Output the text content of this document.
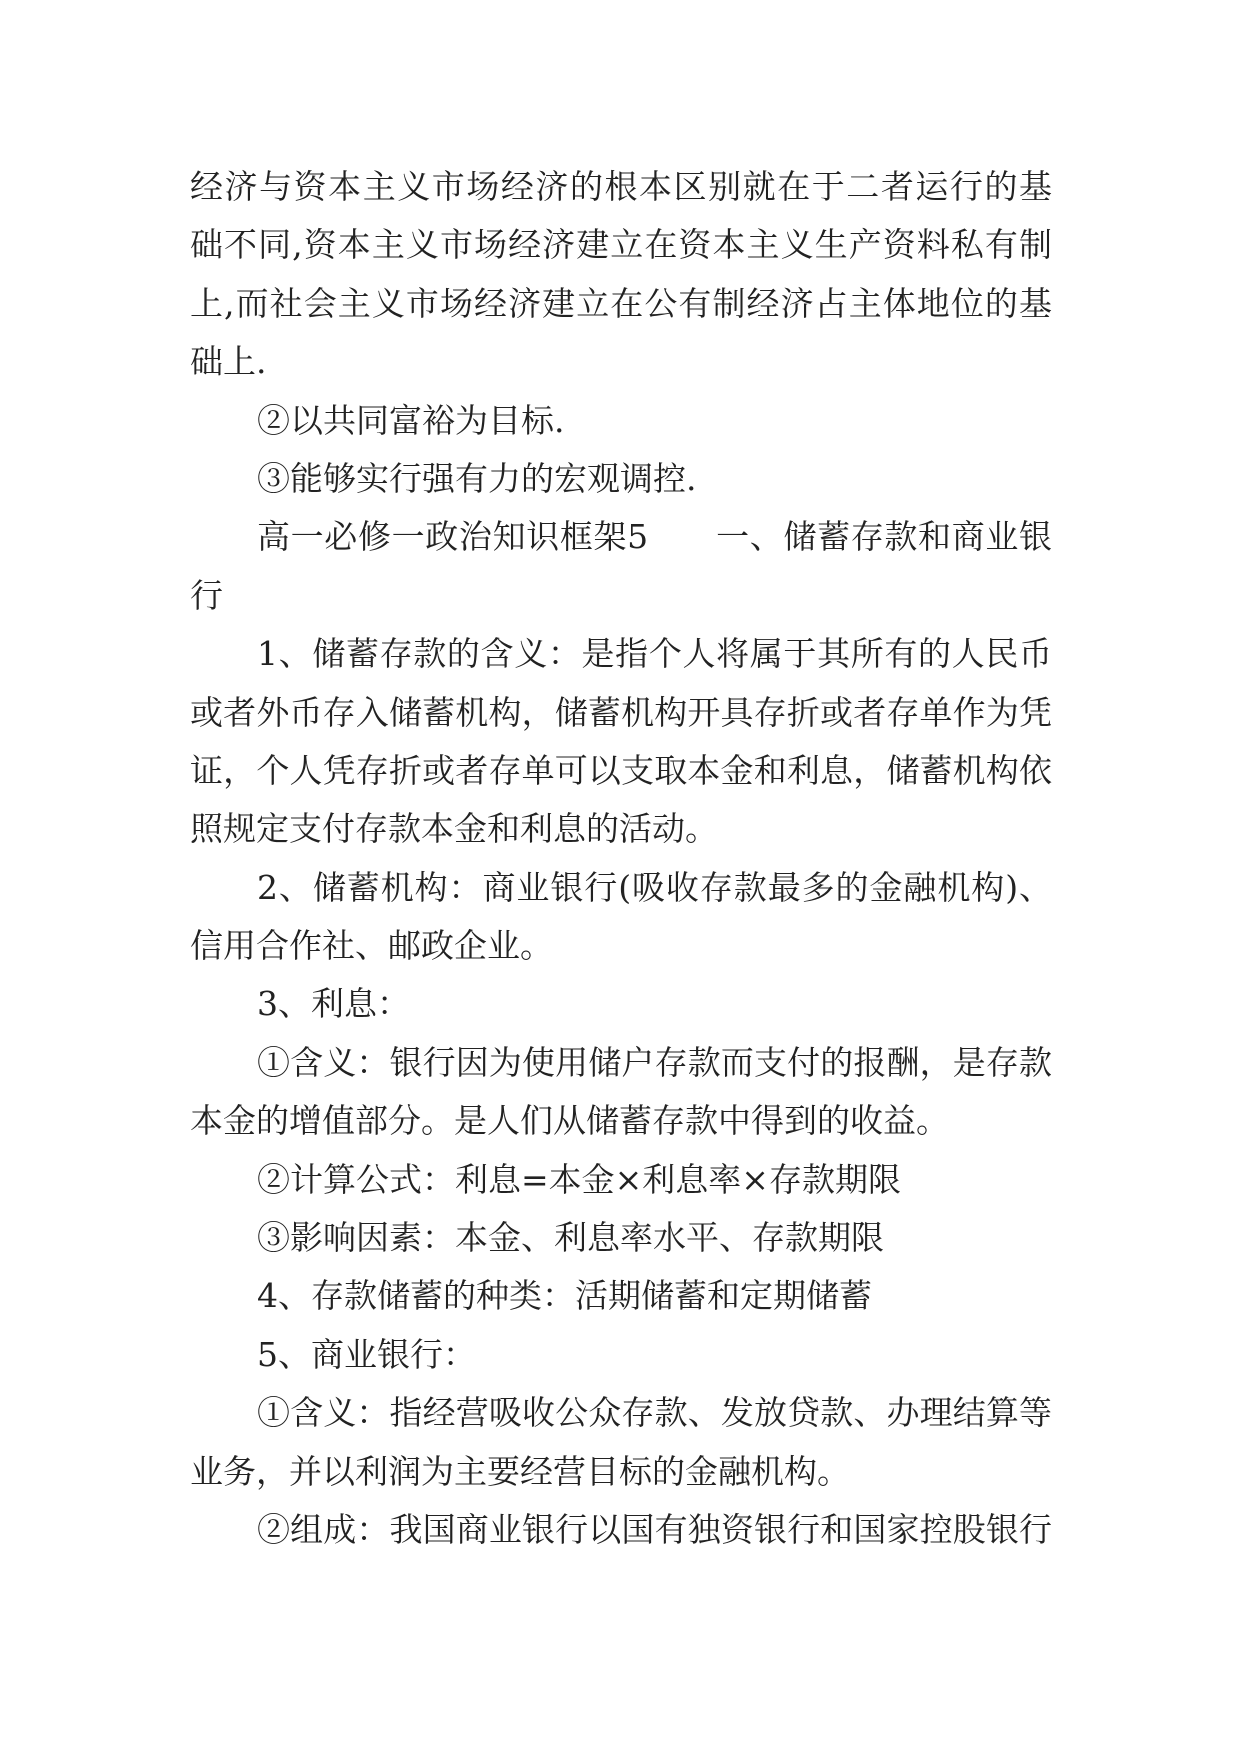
经济与资本主义市场经济的根本区别就在于二者运行的基
础不同,资本主义市场经济建立在资本主义生产资料私有制
上,而社会主义市场经济建立在公有制经济占主体地位的基
础上.
②以共同富裕为目标.
③能够实行强有力的宏观调控.
高一必修一政治知识框架5　　一、储蓄存款和商业银
行
1、储蓄存款的含义：是指个人将属于其所有的人民币
或者外币存入储蓄机构，储蓄机构开具存折或者存单作为凭
证，个人凭存折或者存单可以支取本金和利息，储蓄机构依
照规定支付存款本金和利息的活动。
2、储蓄机构：商业银行(吸收存款最多的金融机构)、
信用合作社、邮政企业。
3、利息：
①含义：银行因为使用储户存款而支付的报酬，是存款
本金的增值部分。是人们从储蓄存款中得到的收益。
②计算公式：利息=本金×利息率×存款期限
③影响因素：本金、利息率水平、存款期限
4、存款储蓄的种类：活期储蓄和定期储蓄
5、商业银行：
①含义：指经营吸收公众存款、发放贷款、办理结算等
业务，并以利润为主要经营目标的金融机构。
②组成：我国商业银行以国有独资银行和国家控股银行
